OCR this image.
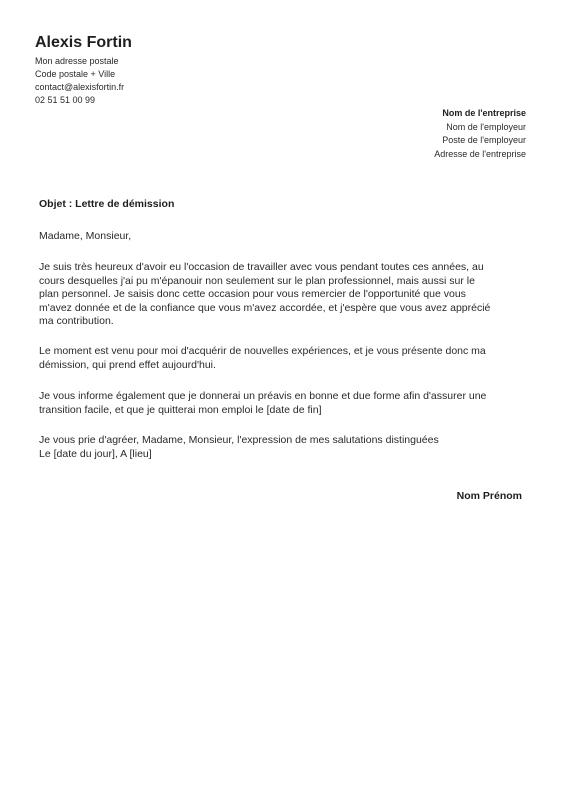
Alexis Fortin
Mon adresse postale
Code postale + Ville
contact@alexisfortin.fr
02 51 51 00 99
Nom de l'entreprise
Nom de l'employeur
Poste de l'employeur
Adresse de l'entreprise
Objet : Lettre de démission
Madame, Monsieur,
Je suis très heureux d'avoir eu l'occasion de travailler avec vous pendant toutes ces années, au
cours desquelles j'ai pu m'épanouir non seulement sur le plan professionnel, mais aussi sur le
plan personnel. Je saisis donc cette occasion pour vous remercier de l'opportunité que vous
m'avez donnée et de la confiance que vous m'avez accordée, et j'espère que vous avez apprécié
ma contribution.
Le moment est venu pour moi d'acquérir de nouvelles expériences, et je vous présente donc ma
démission, qui prend effet aujourd'hui.
Je vous informe également que je donnerai un préavis en bonne et due forme afin d'assurer une
transition facile, et que je quitterai mon emploi le [date de fin]
Je vous prie d'agréer, Madame, Monsieur, l'expression de mes salutations distinguées
Le [date du jour], A [lieu]
Nom Prénom
